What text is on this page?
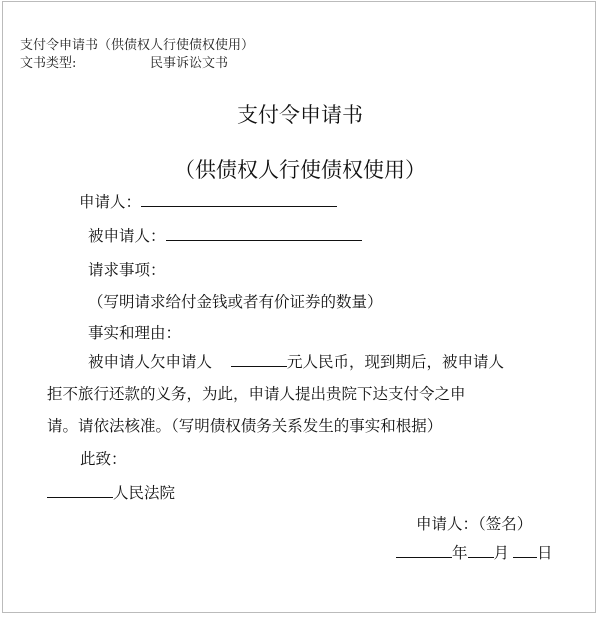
支付令申请书（供债权人行使债权使用）
文书类型:	民事诉讼文书
支付令申请书
（供债权人行使债权使用）
申请人：
被申请人：
请求事项：
（写明请求给付金钱或者有价证券的数量）
事实和理由：
被申请人欠申请人	元人民币，现到期后，被申请人
拒不旅行还款的义务，为此，申请人提出贵院下达支付令之申
请。请依法核准。（写明债权债务关系发生的事实和根据）
此致：
人民法院
申请人：（签名）
年 月 日
